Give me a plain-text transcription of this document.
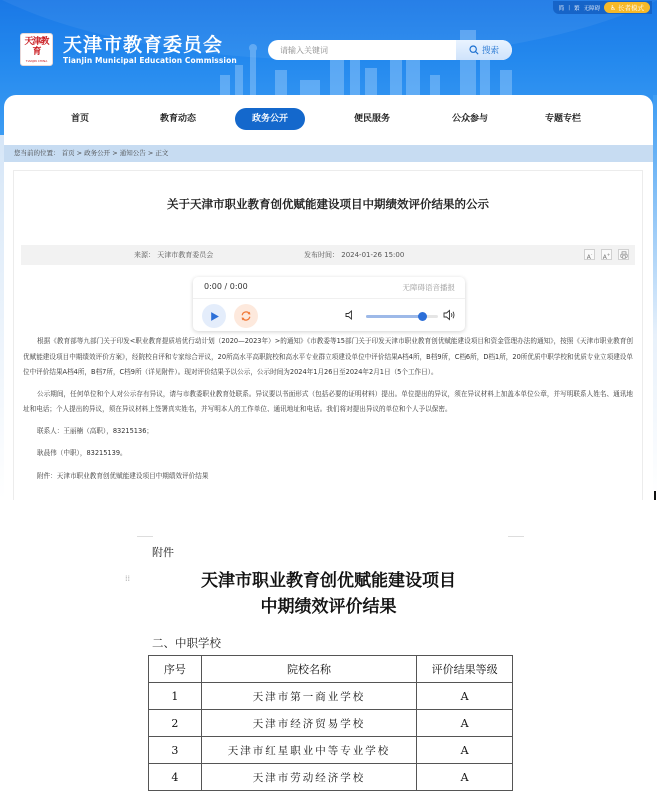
天 津 教
育
TIANJIN CHINA
天津市教育委员会
Tianjin Municipal Education Commission
请输入关键词
搜索
简 | 繁 无障碍 ♿ 长者模式
首页	教育动态	政务公开	便民服务	公众参与	专题专栏
您当前的位置： 首页 > 政务公开 > 通知公告 > 正文
关于天津市职业教育创优赋能建设项目中期绩效评价结果的公示
来源： 天津市教育委员会	发布时间： 2024-01-26 15:00	A-	A+
0:00 / 0:00	无障碍语音播报

根据《教育部等九部门关于印发<职业教育提质培优行动计划（2020—2023年）>的通知》《市教委等15部门关于印发天津市职业教育创优赋能建设项目和资金管理办法的通知》，按照《天津市职业教育创优赋能建设项目中期绩效评价方案》，经院校自评和专家综合评议，20所高水平高职院校和高水平专业群立项建设单位中评价结果A档4所，B档9所，C档6所，D档1所，20所优质中职学校和优质专业立项建设单位中评价结果A档4所，B档7所，C档9所（详见附件）。现对评价结果予以公示，公示时间为2024年1月26日至2024年2月1日（5个工作日）。

公示期间，任何单位和个人对公示存有异议，请与市教委职业教育处联系。异议要以书面形式（包括必要的证明材料）提出。单位提出的异议，须在异议材料上加盖本单位公章，并写明联系人姓名、通讯地址和电话；个人提出的异议，须在异议材料上签署真实姓名，并写明本人的工作单位、通讯地址和电话。我们将对提出异议的单位和个人予以保密。

联系人：王丽楠（高职），83215136；

耿晨伟（中职），83215139。

附件：天津市职业教育创优赋能建设项目中期绩效评价结果

附件
⁞⁞	天津市职业教育创优赋能建设项目
中期绩效评价结果
二、中职学校
序号	院校名称	评价结果等级
1	天津市第一商业学校	A
2	天津市经济贸易学校	A
3	天津市红星职业中等专业学校	A
4	天津市劳动经济学校	A
